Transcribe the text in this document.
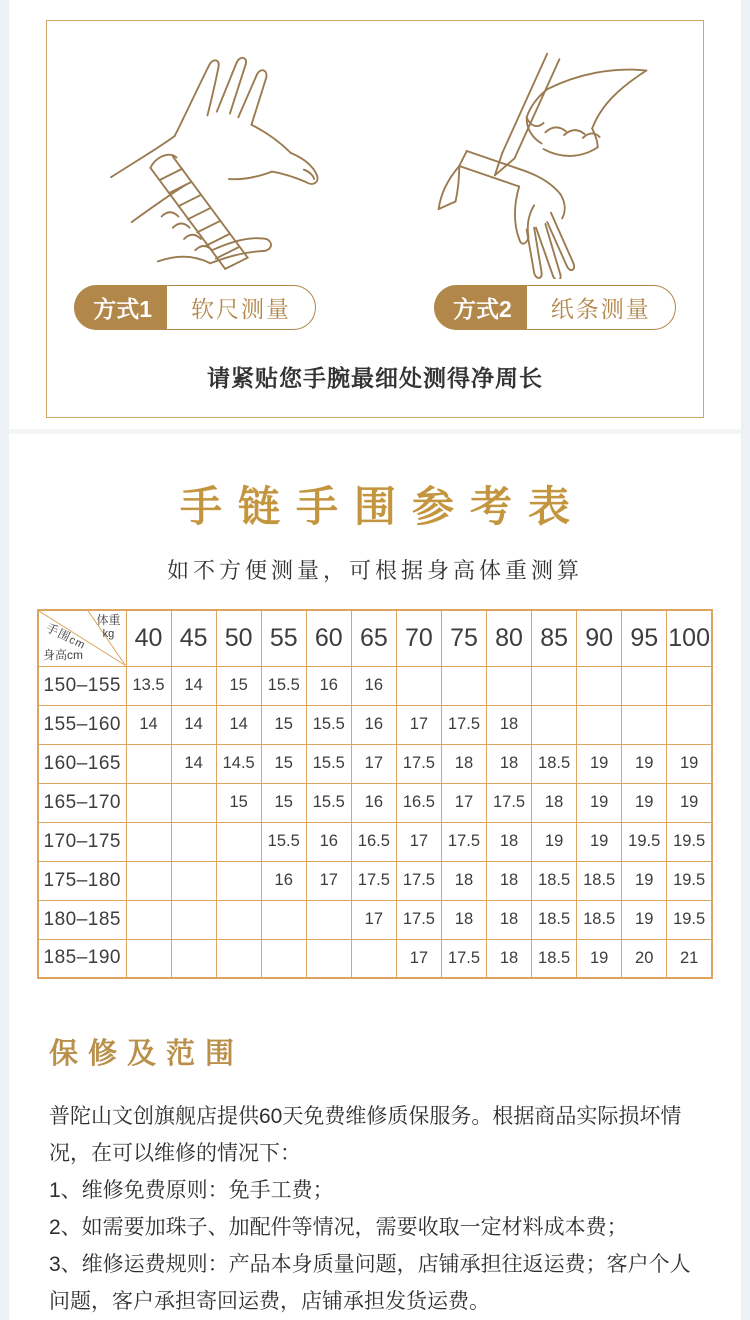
方式1	软尺测量	方式2	纸条测量
请紧贴您手腕最细处测得净周长
手链手围参考表
如不方便测量，可根据身高体重测算
手围cm
体重
kg
身高cm	40	45	50	55	60	65	70	75	80	85	90	95	100
150–155	13.5	14	15	15.5	16	16							
155–160	14	14	14	15	15.5	16	17	17.5	18				
160–165		14	14.5	15	15.5	17	17.5	18	18	18.5	19	19	19
165–170			15	15	15.5	16	16.5	17	17.5	18	19	19	19
170–175				15.5	16	16.5	17	17.5	18	19	19	19.5	19.5
175–180				16	17	17.5	17.5	18	18	18.5	18.5	19	19.5
180–185						17	17.5	18	18	18.5	18.5	19	19.5
185–190							17	17.5	18	18.5	19	20	21
保修及范围

普陀山文创旗舰店提供60天免费维修质保服务。根据商品实际损坏情况，在可以维修的情况下：

1、维修免费原则：免手工费；

2、如需要加珠子、加配件等情况，需要收取一定材料成本费；

3、维修运费规则：产品本身质量问题，店铺承担往返运费；客户个人问题，客户承担寄回运费，店铺承担发货运费。
